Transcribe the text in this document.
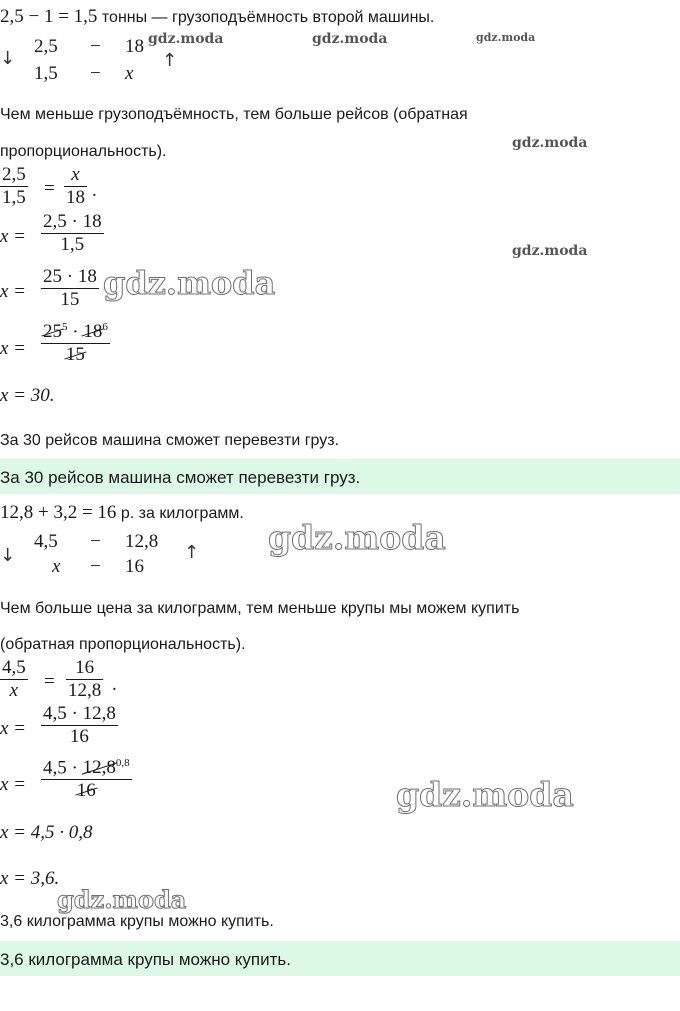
2,5 − 1 = 1,5 тонны — грузоподъёмность второй машины.
↓
2,5 − 18
1,5 − x
↑
Чем меньше грузоподъёмность, тем больше рейсов (обратная
пропорциональность).
$\frac{2,5}{1,5} = \frac{x}{18}$ .
$x = \frac{2,5 \cdot 18}{1,5}$
$x = \frac{25 \cdot 18}{15}$
$x = \frac{25^5 \cdot 18^6}{15}$
x = 30.
За 30 рейсов машина сможет перевезти груз.
За 30 рейсов машина сможет перевезти груз.
12,8 + 3,2 = 16 р. за килограмм.
↓
4,5 − 12,8
x − 16
↑
Чем больше цена за килограмм, тем меньше крупы мы можем купить
(обратная пропорциональность).
$\frac{4,5}{x} = \frac{16}{12,8}$ .
$x = \frac{4,5 \cdot 12,8}{16}$
$x = \frac{4,5 \cdot 12,8^{0,8}}{16}$
x = 4,5 · 0,8
x = 3,6.
3,6 килограмма крупы можно купить.
3,6 килограмма крупы можно купить.
gdz.moda	gdz.moda	gdz.moda
gdz.moda
gdz.moda
gdz.moda
gdz.moda
gdz.moda
gdz.moda
